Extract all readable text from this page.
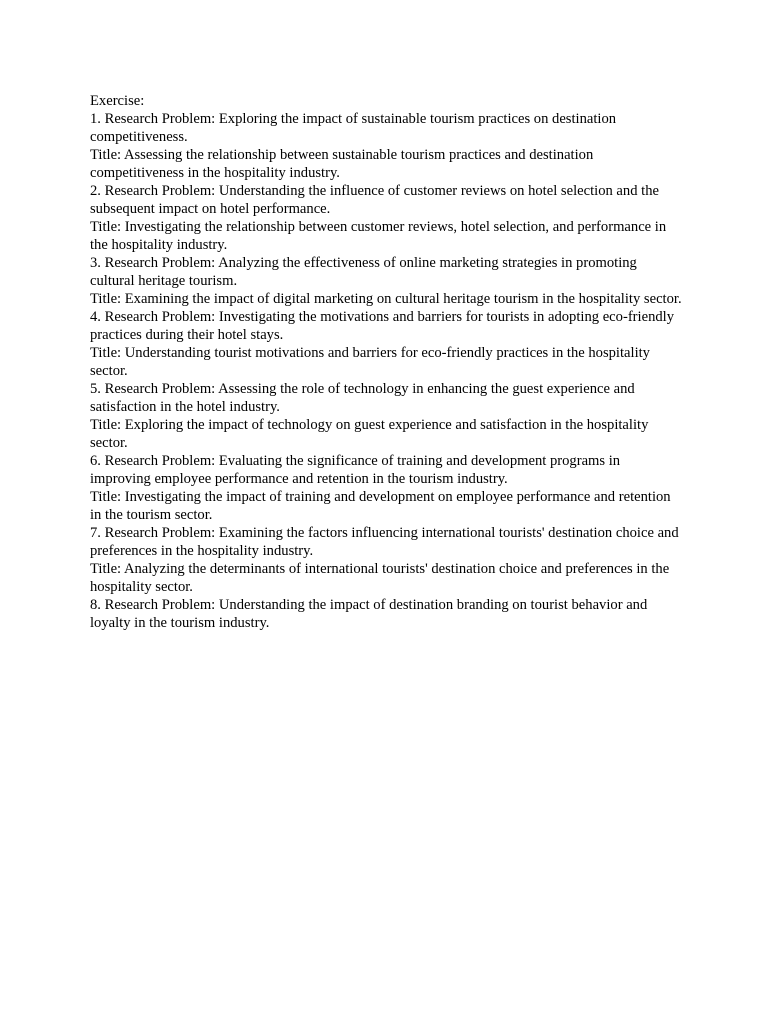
Exercise:

1. Research Problem: Exploring the impact of sustainable tourism practices on destination competitiveness.

Title: Assessing the relationship between sustainable tourism practices and destination competitiveness in the hospitality industry.

2. Research Problem: Understanding the influence of customer reviews on hotel selection and the subsequent impact on hotel performance.

Title: Investigating the relationship between customer reviews, hotel selection, and performance in the hospitality industry.

3. Research Problem: Analyzing the effectiveness of online marketing strategies in promoting cultural heritage tourism.

Title: Examining the impact of digital marketing on cultural heritage tourism in the hospitality sector.

4. Research Problem: Investigating the motivations and barriers for tourists in adopting eco-friendly practices during their hotel stays.

Title: Understanding tourist motivations and barriers for eco-friendly practices in the hospitality sector.

5. Research Problem: Assessing the role of technology in enhancing the guest experience and satisfaction in the hotel industry.

Title: Exploring the impact of technology on guest experience and satisfaction in the hospitality sector.

6. Research Problem: Evaluating the significance of training and development programs in improving employee performance and retention in the tourism industry.

Title: Investigating the impact of training and development on employee performance and retention in the tourism sector.

7. Research Problem: Examining the factors influencing international tourists' destination choice and preferences in the hospitality industry.

Title: Analyzing the determinants of international tourists' destination choice and preferences in the hospitality sector.

8. Research Problem: Understanding the impact of destination branding on tourist behavior and loyalty in the tourism industry.
